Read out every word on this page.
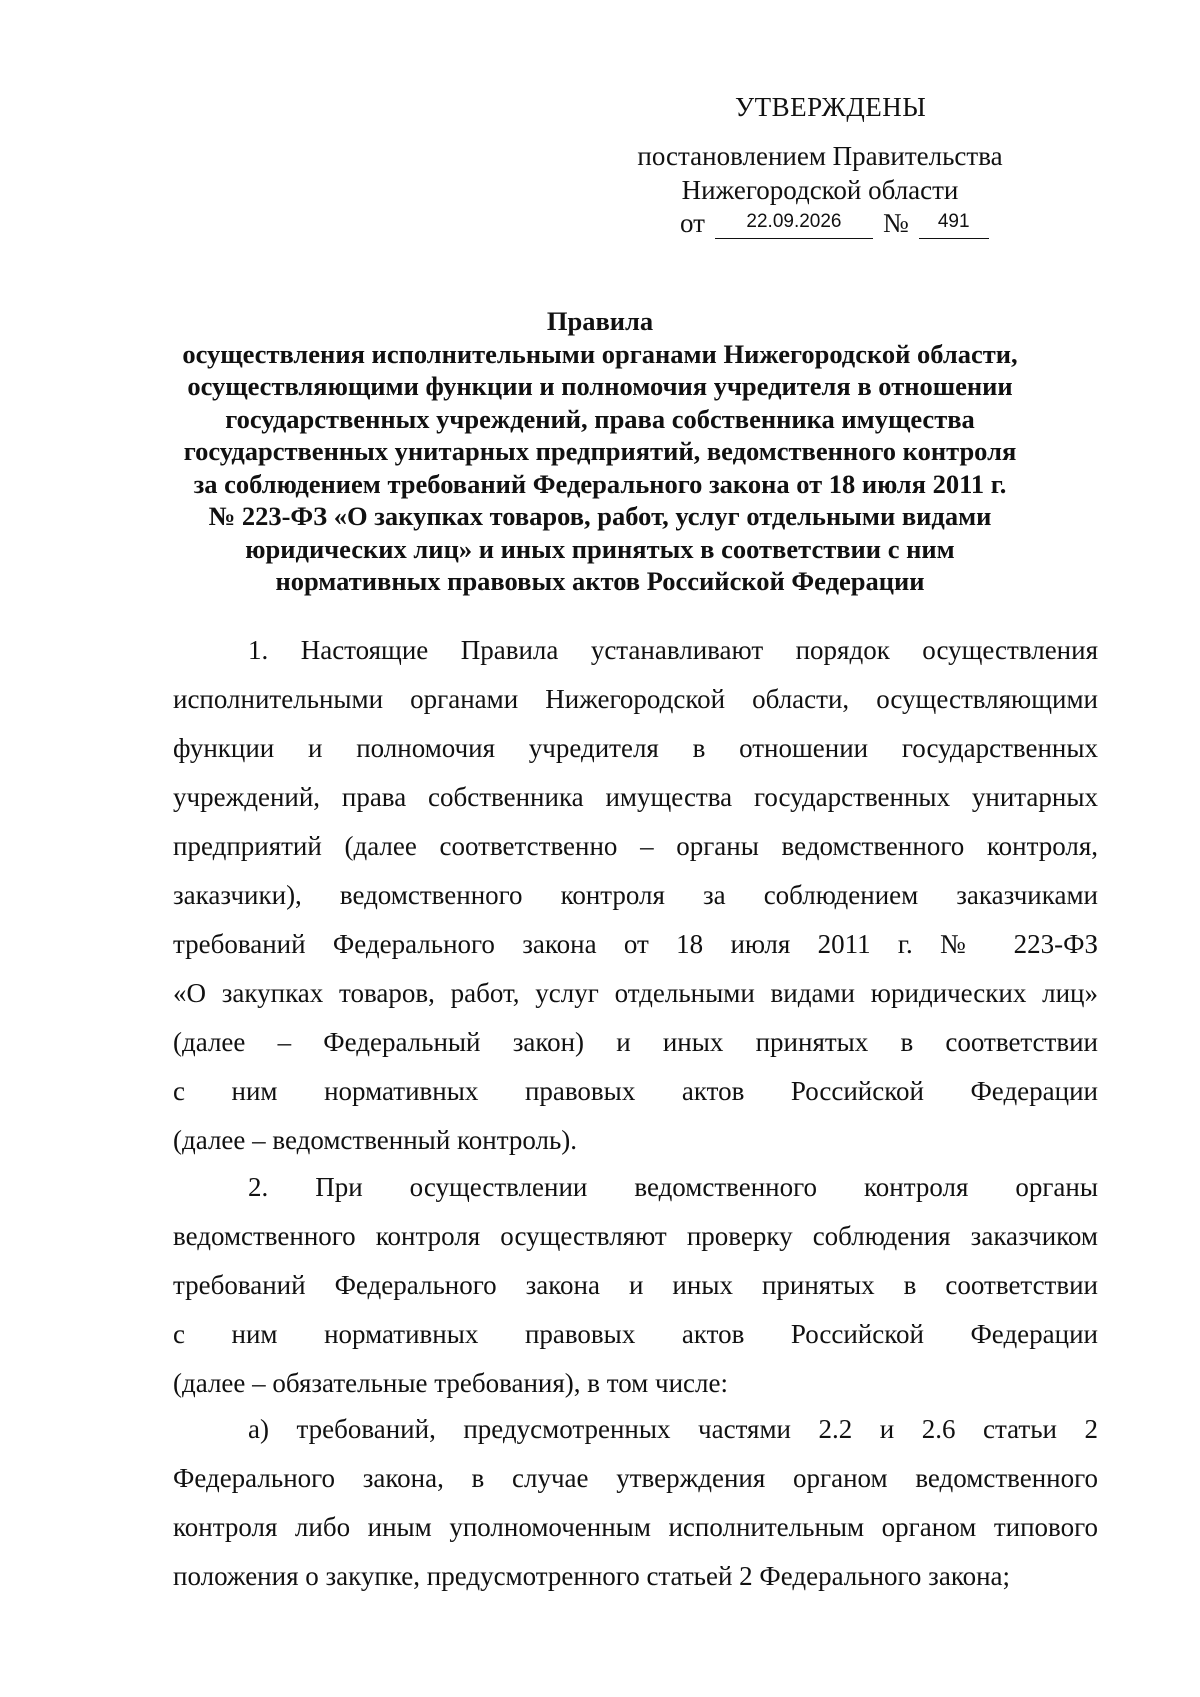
УТВЕРЖДЕНЫ
постановлением Правительства
Нижегородской области
от	22.09.2026	№	491
Правила
осуществления исполнительными органами Нижегородской области,
осуществляющими функции и полномочия учредителя в отношении
государственных учреждений, права собственника имущества
государственных унитарных предприятий, ведомственного контроля
за соблюдением требований Федерального закона от 18 июля 2011 г.
№ 223-ФЗ «О закупках товаров, работ, услуг отдельными видами
юридических лиц» и иных принятых в соответствии с ним
нормативных правовых актов Российской Федерации
1. Настоящие Правила устанавливают порядок осуществления
исполнительными органами Нижегородской области, осуществляющими
функции и полномочия учредителя в отношении государственных
учреждений, права собственника имущества государственных унитарных
предприятий (далее соответственно – органы ведомственного контроля,
заказчики), ведомственного контроля за соблюдением заказчиками
требований Федерального закона от 18 июля 2011 г. № 223-ФЗ
«О закупках товаров, работ, услуг отдельными видами юридических лиц»
(далее – Федеральный закон) и иных принятых в соответствии
с ним нормативных правовых актов Российской Федерации
(далее – ведомственный контроль).
2. При осуществлении ведомственного контроля органы
ведомственного контроля осуществляют проверку соблюдения заказчиком
требований Федерального закона и иных принятых в соответствии
с ним нормативных правовых актов Российской Федерации
(далее – обязательные требования), в том числе:
а) требований, предусмотренных частями 2.2 и 2.6 статьи 2
Федерального закона, в случае утверждения органом ведомственного
контроля либо иным уполномоченным исполнительным органом типового
положения о закупке, предусмотренного статьей 2 Федерального закона;
